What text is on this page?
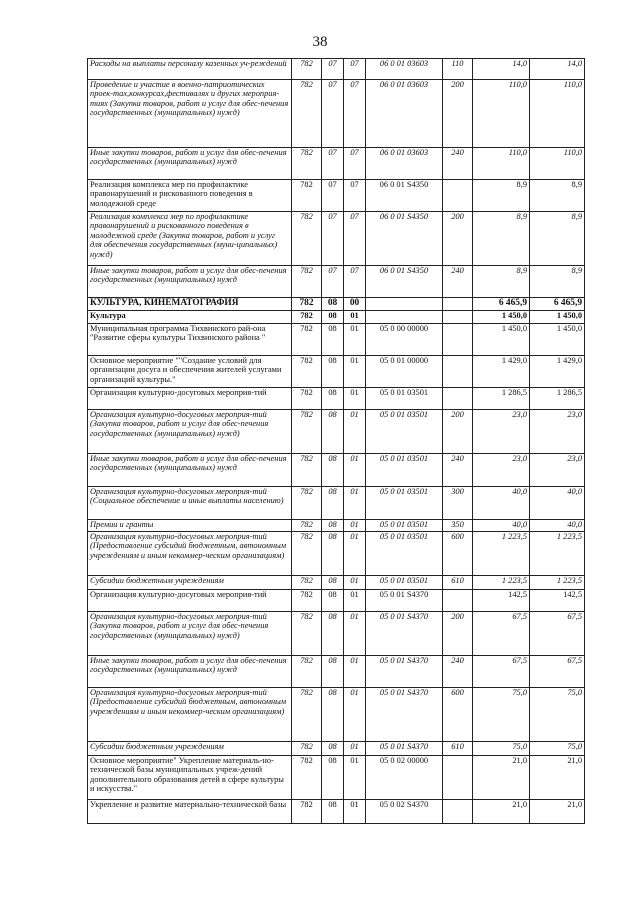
38
Расходы на выплаты персоналу казенных уч-реждений	782	07	07	06 0 01 03603	110	14,0	14,0
Проведение и участие в военно-патриотических проек-тах,конкурсах,фестивалях и других мероприя-тиях (Закупка товаров, работ и услуг для обес-печения государственных (муниципальных) нужд)	782	07	07	06 0 01 03603	200	110,0	110,0
Иные закупки товаров, работ и услуг для обес-печения государственных (муниципальных) нужд	782	07	07	06 0 01 03603	240	110,0	110,0
Реализация комплекса мер по профилактике правонарушений и рискованного поведения в молодежной среде	782	07	07	06 0 01 S4350		8,9	8,9
Реализация комплекса мер по профилактике правонарушений и рискованного поведения в молодежной среде (Закупка товаров, работ и услуг для обеспечения государственных (муни-ципальных) нужд)	782	07	07	06 0 01 S4350	200	8,9	8,9
Иные закупки товаров, работ и услуг для обес-печения государственных (муниципальных) нужд	782	07	07	06 0 01 S4350	240	8,9	8,9
КУЛЬТУРА, КИНЕМАТОГРАФИЯ	782	08	00			6 465,9	6 465,9
Культура	782	08	01			1 450,0	1 450,0
Муниципальная программа Тихвинского рай-она "Развитие сферы культуры Тихвинского района "	782	08	01	05 0 00 00000		1 450,0	1 450,0
Основное мероприятие ""Создание условий для организации досуга и обеспечения жителей услугами организаций культуры."	782	08	01	05 0 01 00000		1 429,0	1 429,0
Организация культурно-досуговых мероприя-тий	782	08	01	05 0 01 03501		1 286,5	1 286,5
Организация культурно-досуговых мероприя-тий (Закупка товаров, работ и услуг для обес-печения государственных (муниципальных) нужд)	782	08	01	05 0 01 03501	200	23,0	23,0
Иные закупки товаров, работ и услуг для обес-печения государственных (муниципальных) нужд	782	08	01	05 0 01 03501	240	23,0	23,0
Организация культурно-досуговых мероприя-тий (Социальное обеспечение и иные выплаты населению)	782	08	01	05 0 01 03501	300	40,0	40,0
Премии и гранты	782	08	01	05 0 01 03501	350	40,0	40,0
Организация культурно-досуговых мероприя-тий (Предоставление субсидий бюджетным, автономным учреждениям и иным некоммер-ческим организациям)	782	08	01	05 0 01 03501	600	1 223,5	1 223,5
Субсидии бюджетным учреждениям	782	08	01	05 0 01 03501	610	1 223,5	1 223,5
Организация культурно-досуговых мероприя-тий	782	08	01	05 0 01 S4370		142,5	142,5
Организация культурно-досуговых мероприя-тий (Закупка товаров, работ и услуг для обес-печения государственных (муниципальных) нужд)	782	08	01	05 0 01 S4370	200	67,5	67,5
Иные закупки товаров, работ и услуг для обес-печения государственных (муниципальных) нужд	782	08	01	05 0 01 S4370	240	67,5	67,5
Организация культурно-досуговых мероприя-тий (Предоставление субсидий бюджетным, автономным учреждениям и иным некоммер-ческим организациям)	782	08	01	05 0 01 S4370	600	75,0	75,0
Субсидии бюджетным учреждениям	782	08	01	05 0 01 S4370	610	75,0	75,0
Основное мероприятие" Укрепление материаль-но-технической базы муниципальных учреж-дений дополнительного образования детей в сфере культуры и искусства."	782	08	01	05 0 02 00000		21,0	21,0
Укрепление и развитие материально-технической базы	782	08	01	05 0 02 S4370		21,0	21,0
